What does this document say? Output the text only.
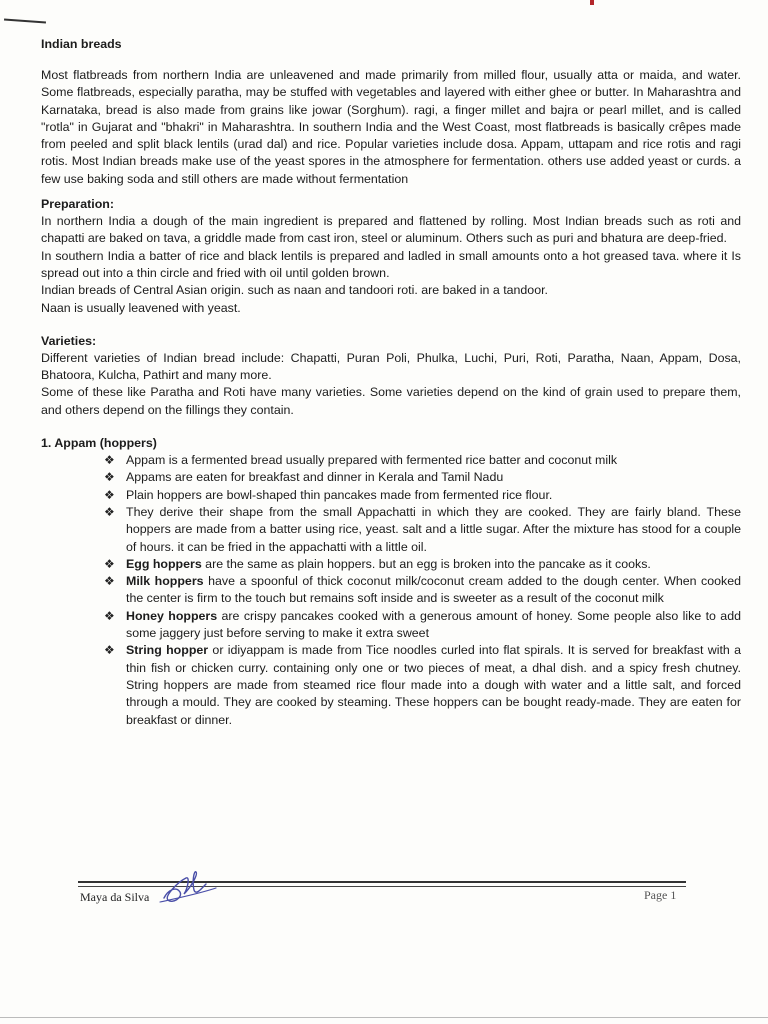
Indian breads

Most flatbreads from northern India are unleavened and made primarily from milled flour, usually atta or maida, and water. Some flatbreads, especially paratha, may be stuffed with vegetables and layered with either ghee or butter. In Maharashtra and Karnataka, bread is also made from grains like jowar (Sorghum). ragi, a finger millet and bajra or pearl millet, and is called "rotla" in Gujarat and "bhakri" in Maharashtra. In southern India and the West Coast, most flatbreads is basically crêpes made from peeled and split black lentils (urad dal) and rice. Popular varieties include dosa. Appam, uttapam and rice rotis and ragi rotis. Most Indian breads make use of the yeast spores in the atmosphere for fermentation. others use added yeast or curds. a few use baking soda and still others are made without fermentation

Preparation:

In northern India a dough of the main ingredient is prepared and flattened by rolling. Most Indian breads such as roti and chapatti are baked on tava, a griddle made from cast iron, steel or aluminum. Others such as puri and bhatura are deep-fried.

In southern India a batter of rice and black lentils is prepared and ladled in small amounts onto a hot greased tava. where it Is spread out into a thin circle and fried with oil until golden brown.

Indian breads of Central Asian origin. such as naan and tandoori roti. are baked in a tandoor.

Naan is usually leavened with yeast.

Varieties:

Different varieties of Indian bread include: Chapatti, Puran Poli, Phulka, Luchi, Puri, Roti, Paratha, Naan, Appam, Dosa, Bhatoora, Kulcha, Pathirt and many more.

Some of these like Paratha and Roti have many varieties. Some varieties depend on the kind of grain used to prepare them, and others depend on the fillings they contain.

1. Appam (hoppers)
❖ Appam is a fermented bread usually prepared with fermented rice batter and coconut milk
❖ Appams are eaten for breakfast and dinner in Kerala and Tamil Nadu
❖ Plain hoppers are bowl-shaped thin pancakes made from fermented rice flour.
❖ They derive their shape from the small Appachatti in which they are cooked. They are fairly bland. These hoppers are made from a batter using rice, yeast. salt and a little sugar. After the mixture has stood for a couple of hours. it can be fried in the appachatti with a little oil.
❖ Egg hoppers are the same as plain hoppers. but an egg is broken into the pancake as it cooks.
❖ Milk hoppers have a spoonful of thick coconut milk/coconut cream added to the dough center. When cooked the center is firm to the touch but remains soft inside and is sweeter as a result of the coconut milk
❖ Honey hoppers are crispy pancakes cooked with a generous amount of honey. Some people also like to add some jaggery just before serving to make it extra sweet
❖ String hopper or idiyappam is made from Tice noodles curled into flat spirals. It is served for breakfast with a thin fish or chicken curry. containing only one or two pieces of meat, a dhal dish. and a spicy fresh chutney. String hoppers are made from steamed rice flour made into a dough with water and a little salt, and forced through a mould. They are cooked by steaming. These hoppers can be bought ready-made. They are eaten for breakfast or dinner.
Maya da Silva	Page 1
